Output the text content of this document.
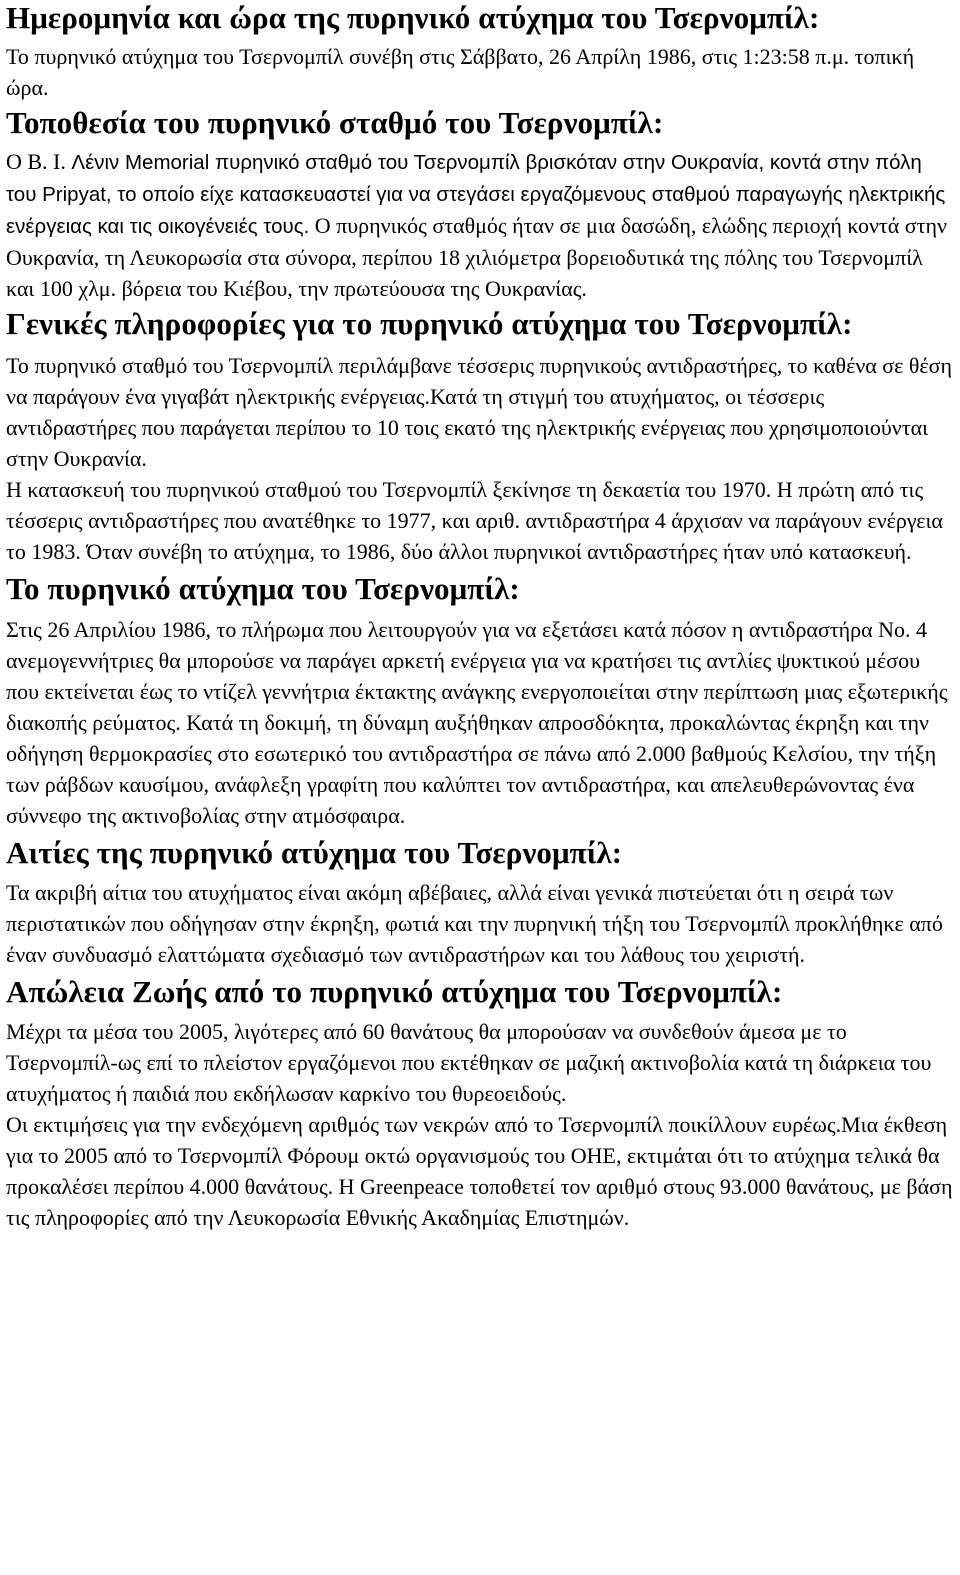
Ημερομηνία και ώρα της πυρηνικό ατύχημα του Τσερνομπίλ:

Το πυρηνικό ατύχημα του Τσερνομπίλ συνέβη στις Σάββατο, 26 Απρίλη 1986, στις 1:23:58 π.μ. τοπική ώρα.

Τοποθεσία του πυρηνικό σταθμό του Τσερνομπίλ:

Ο Β. Ι. Λένιν Memorial πυρηνικό σταθμό του Τσερνομπίλ βρισκόταν στην Ουκρανία, κοντά στην πόλη του Pripyat, το οποίο είχε κατασκευαστεί για να στεγάσει εργαζόμενους σταθμού παραγωγής ηλεκτρικής ενέργειας και τις οικογένειές τους. Ο πυρηνικός σταθμός ήταν σε μια δασώδη, ελώδης περιοχή κοντά στην Ουκρανία, τη Λευκορωσία στα σύνορα, περίπου 18 χιλιόμετρα βορειοδυτικά της πόλης του Τσερνομπίλ και 100 χλμ. βόρεια του Κιέβου, την πρωτεύουσα της Ουκρανίας.

Γενικές πληροφορίες για το πυρηνικό ατύχημα του Τσερνομπίλ:

Το πυρηνικό σταθμό του Τσερνομπίλ περιλάμβανε τέσσερις πυρηνικούς αντιδραστήρες, το καθένα σε θέση να παράγουν ένα γιγαβάτ ηλεκτρικής ενέργειας.Κατά τη στιγμή του ατυχήματος, οι τέσσερις αντιδραστήρες που παράγεται περίπου το 10 τοις εκατό της ηλεκτρικής ενέργειας που χρησιμοποιούνται στην Ουκρανία.

Η κατασκευή του πυρηνικού σταθμού του Τσερνομπίλ ξεκίνησε τη δεκαετία του 1970. Η πρώτη από τις τέσσερις αντιδραστήρες που ανατέθηκε το 1977, και αριθ. αντιδραστήρα 4 άρχισαν να παράγουν ενέργεια το 1983. Όταν συνέβη το ατύχημα, το 1986, δύο άλλοι πυρηνικοί αντιδραστήρες ήταν υπό κατασκευή.

Το πυρηνικό ατύχημα του Τσερνομπίλ:

Στις 26 Απριλίου 1986, το πλήρωμα που λειτουργούν για να εξετάσει κατά πόσον η αντιδραστήρα Νο. 4 ανεμογεννήτριες θα μπορούσε να παράγει αρκετή ενέργεια για να κρατήσει τις αντλίες ψυκτικού μέσου που εκτείνεται έως το ντίζελ γεννήτρια έκτακτης ανάγκης ενεργοποιείται στην περίπτωση μιας εξωτερικής διακοπής ρεύματος. Κατά τη δοκιμή, τη δύναμη αυξήθηκαν απροσδόκητα, προκαλώντας έκρηξη και την οδήγηση θερμοκρασίες στο εσωτερικό του αντιδραστήρα σε πάνω από 2.000 βαθμούς Κελσίου, την τήξη των ράβδων καυσίμου, ανάφλεξη γραφίτη που καλύπτει τον αντιδραστήρα, και απελευθερώνοντας ένα σύννεφο της ακτινοβολίας στην ατμόσφαιρα.

Αιτίες της πυρηνικό ατύχημα του Τσερνομπίλ:

Τα ακριβή αίτια του ατυχήματος είναι ακόμη αβέβαιες, αλλά είναι γενικά πιστεύεται ότι η σειρά των περιστατικών που οδήγησαν στην έκρηξη, φωτιά και την πυρηνική τήξη του Τσερνομπίλ προκλήθηκε από έναν συνδυασμό ελαττώματα σχεδιασμό των αντιδραστήρων και του λάθους του χειριστή.

Απώλεια Ζωής από το πυρηνικό ατύχημα του Τσερνομπίλ:

Μέχρι τα μέσα του 2005, λιγότερες από 60 θανάτους θα μπορούσαν να συνδεθούν άμεσα με το Τσερνομπίλ-ως επί το πλείστον εργαζόμενοι που εκτέθηκαν σε μαζική ακτινοβολία κατά τη διάρκεια του ατυχήματος ή παιδιά που εκδήλωσαν καρκίνο του θυρεοειδούς.

Οι εκτιμήσεις για την ενδεχόμενη αριθμός των νεκρών από το Τσερνομπίλ ποικίλλουν ευρέως.Μια έκθεση για το 2005 από το Τσερνομπίλ Φόρουμ οκτώ οργανισμούς του ΟΗΕ, εκτιμάται ότι το ατύχημα τελικά θα προκαλέσει περίπου 4.000 θανάτους. Η Greenpeace τοποθετεί τον αριθμό στους 93.000 θανάτους, με βάση τις πληροφορίες από την Λευκορωσία Εθνικής Ακαδημίας Επιστημών.
